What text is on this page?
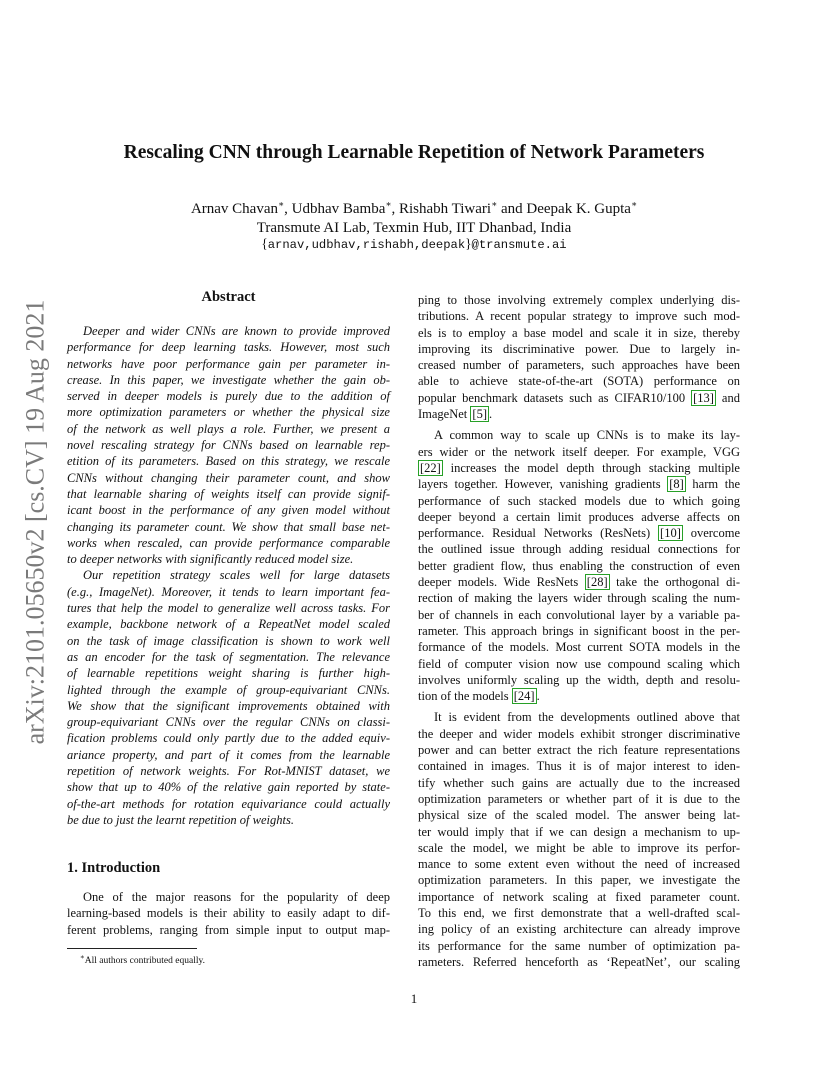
arXiv:2101.05650v2 [cs.CV] 19 Aug 2021
Rescaling CNN through Learnable Repetition of Network Parameters
Arnav Chavan∗, Udbhav Bamba∗, Rishabh Tiwari∗ and Deepak K. Gupta∗
Transmute AI Lab, Texmin Hub, IIT Dhanbad, India
{arnav,udbhav,rishabh,deepak}@transmute.ai
Abstract
Deeper and wider CNNs are known to provide improved
performance for deep learning tasks. However, most such
networks have poor performance gain per parameter in-
crease. In this paper, we investigate whether the gain ob-
served in deeper models is purely due to the addition of
more optimization parameters or whether the physical size
of the network as well plays a role. Further, we present a
novel rescaling strategy for CNNs based on learnable rep-
etition of its parameters. Based on this strategy, we rescale
CNNs without changing their parameter count, and show
that learnable sharing of weights itself can provide signif-
icant boost in the performance of any given model without
changing its parameter count. We show that small base net-
works when rescaled, can provide performance comparable
to deeper networks with significantly reduced model size.
Our repetition strategy scales well for large datasets
(e.g., ImageNet). Moreover, it tends to learn important fea-
tures that help the model to generalize well across tasks. For
example, backbone network of a RepeatNet model scaled
on the task of image classification is shown to work well
as an encoder for the task of segmentation. The relevance
of learnable repetitions weight sharing is further high-
lighted through the example of group-equivariant CNNs.
We show that the significant improvements obtained with
group-equivariant CNNs over the regular CNNs on classi-
fication problems could only partly due to the added equiv-
ariance property, and part of it comes from the learnable
repetition of network weights. For Rot-MNIST dataset, we
show that up to 40% of the relative gain reported by state-
of-the-art methods for rotation equivariance could actually
be due to just the learnt repetition of weights.
1. Introduction
One of the major reasons for the popularity of deep
learning-based models is their ability to easily adapt to dif-
ferent problems, ranging from simple input to output map-
∗All authors contributed equally.
ping to those involving extremely complex underlying dis-
tributions. A recent popular strategy to improve such mod-
els is to employ a base model and scale it in size, thereby
improving its discriminative power. Due to largely in-
creased number of parameters, such approaches have been
able to achieve state-of-the-art (SOTA) performance on
popular benchmark datasets such as CIFAR10/100 [13] and
ImageNet [5] .
A common way to scale up CNNs is to make its lay-
ers wider or the network itself deeper. For example, VGG
[22] increases the model depth through stacking multiple
layers together. However, vanishing gradients [8] harm the
performance of such stacked models due to which going
deeper beyond a certain limit produces adverse affects on
performance. Residual Networks (ResNets) [10] overcome
the outlined issue through adding residual connections for
better gradient flow, thus enabling the construction of even
deeper models. Wide ResNets [28] take the orthogonal di-
rection of making the layers wider through scaling the num-
ber of channels in each convolutional layer by a variable pa-
rameter. This approach brings in significant boost in the per-
formance of the models. Most current SOTA models in the
field of computer vision now use compound scaling which
involves uniformly scaling up the width, depth and resolu-
tion of the models [24] .
It is evident from the developments outlined above that
the deeper and wider models exhibit stronger discriminative
power and can better extract the rich feature representations
contained in images. Thus it is of major interest to iden-
tify whether such gains are actually due to the increased
optimization parameters or whether part of it is due to the
physical size of the scaled model. The answer being lat-
ter would imply that if we can design a mechanism to up-
scale the model, we might be able to improve its perfor-
mance to some extent even without the need of increased
optimization parameters. In this paper, we investigate the
importance of network scaling at fixed parameter count.
To this end, we first demonstrate that a well-drafted scal-
ing policy of an existing architecture can already improve
its performance for the same number of optimization pa-
rameters. Referred henceforth as ‘RepeatNet’, our scaling
1
